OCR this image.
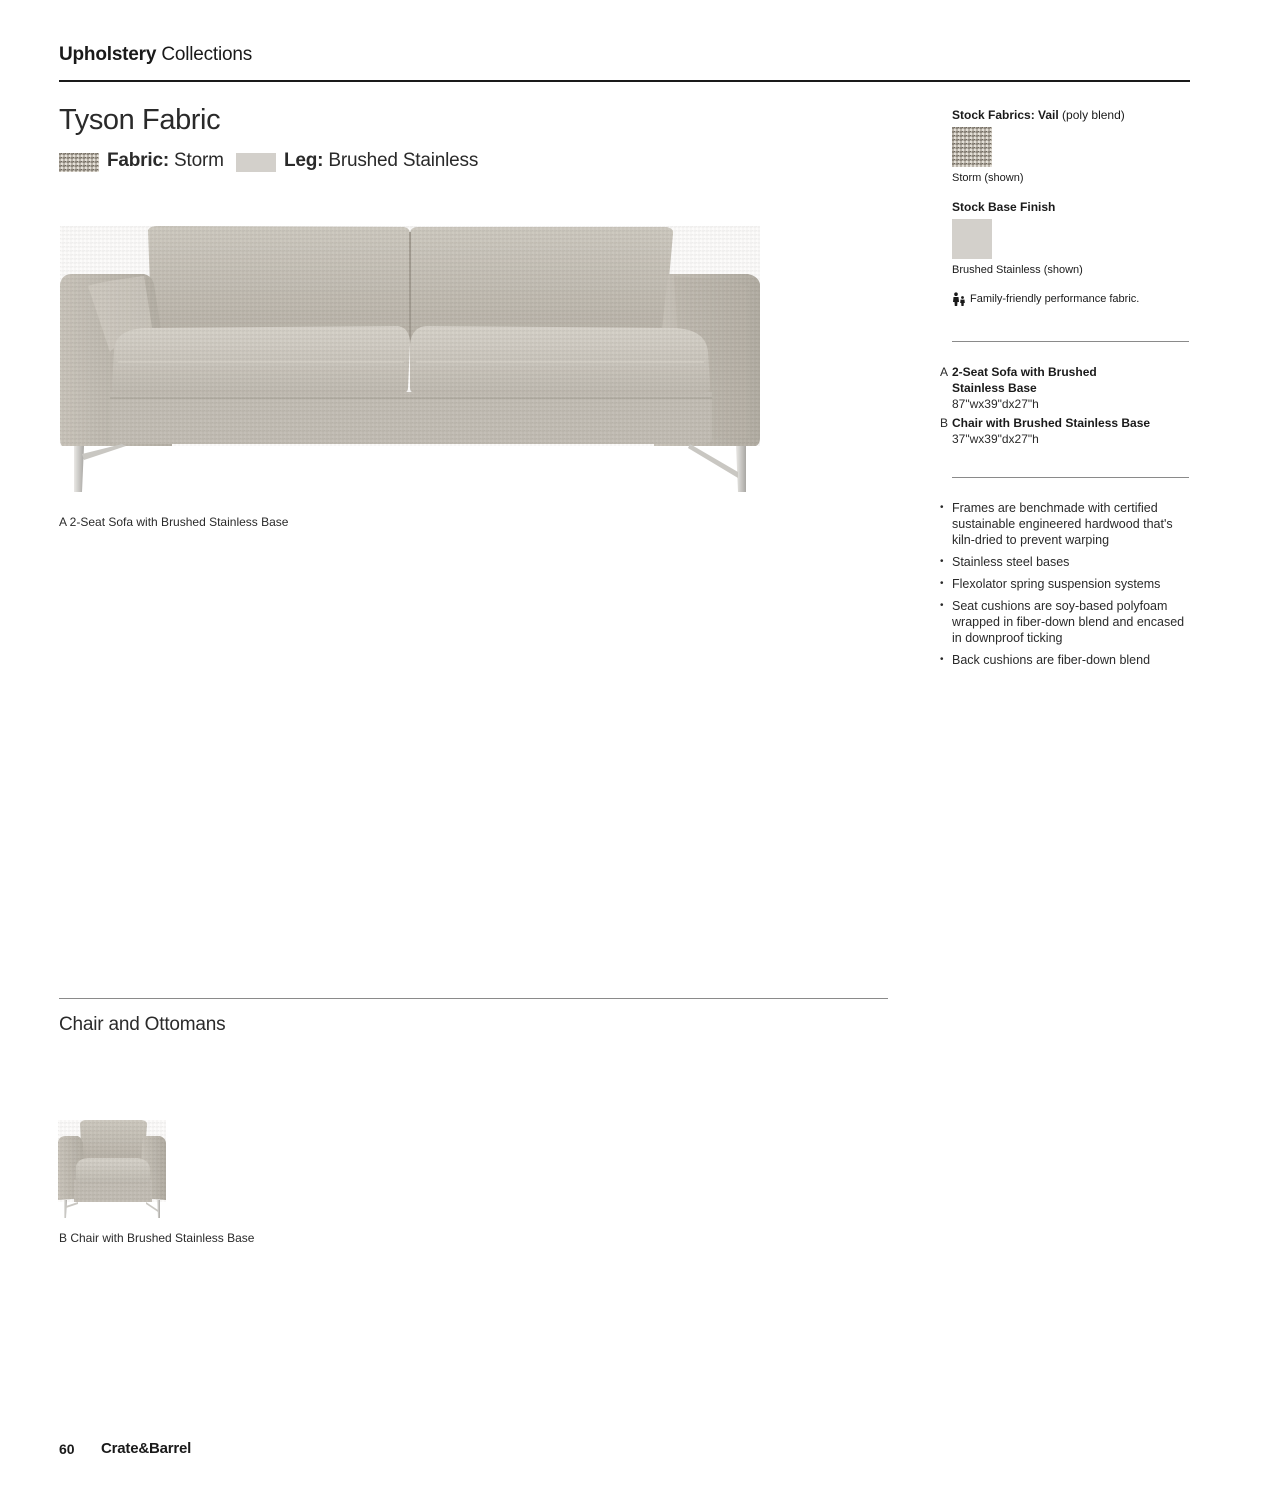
Upholstery Collections
Tyson Fabric
Fabric: Storm	Leg: Brushed Stainless
A 2-Seat Sofa with Brushed Stainless Base
Chair and Ottomans
B Chair with Brushed Stainless Base
Stock Fabrics: Vail (poly blend)
Storm (shown)
Stock Base Finish
Brushed Stainless (shown)
Family-friendly performance fabric.
A 2-Seat Sofa with Brushed
Stainless Base
87"wx39"dx27"h
B Chair with Brushed Stainless Base
37"wx39"dx27"h
• Frames are benchmade with certified sustainable engineered hardwood that's kiln-dried to prevent warping
• Stainless steel bases
• Flexolator spring suspension systems
• Seat cushions are soy-based polyfoam wrapped in fiber-down blend and encased in downproof ticking
• Back cushions are fiber-down blend
60 Crate&Barrel
